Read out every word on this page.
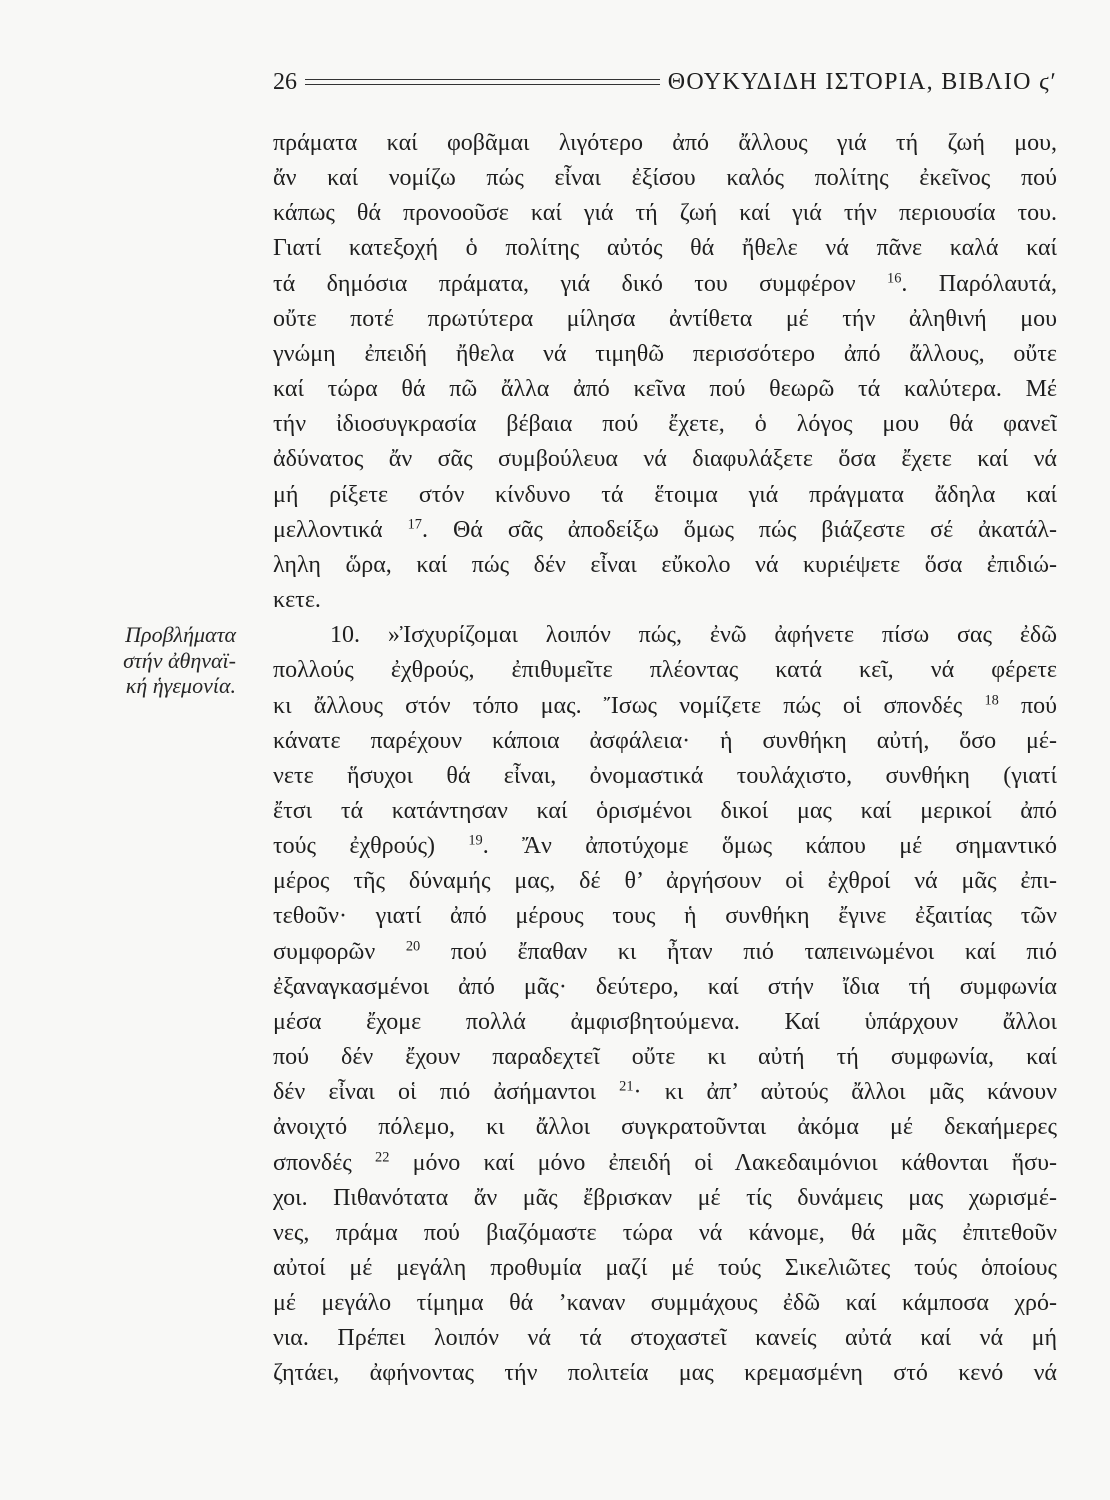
26	ΘΟΥΚΥΔΙΔΗ ΙΣΤΟΡΙΑ, ΒΙΒΛΙΟ ϛʹ
Προβλήματα
στήν ἀθηναϊ-
κή ἡγεμονία.
πράματα καί φοβᾶμαι λιγότερο ἀπό ἄλλους γιά τή ζωή μου,
ἄν καί νομίζω πώς εἶναι ἐξίσου καλός πολίτης ἐκεῖνος πού
κάπως θά προνοοῦσε καί γιά τή ζωή καί γιά τήν περιουσία του.
Γιατί κατεξοχή ὁ πολίτης αὐτός θά ἤθελε νά πᾶνε καλά καί
τά δημόσια πράματα, γιά δικό του συμφέρον $^{16}$. Παρόλαυτά,
οὔτε ποτέ πρωτύτερα μίλησα ἀντίθετα μέ τήν ἀληθινή μου
γνώμη ἐπειδή ἤθελα νά τιμηθῶ περισσότερο ἀπό ἄλλους, οὔτε
καί τώρα θά πῶ ἄλλα ἀπό κεῖνα πού θεωρῶ τά καλύτερα. Μέ
τήν ἰδιοσυγκρασία βέβαια πού ἔχετε, ὁ λόγος μου θά φανεῖ
ἀδύνατος ἄν σᾶς συμβούλευα νά διαφυλάξετε ὅσα ἔχετε καί νά
μή ρίξετε στόν κίνδυνο τά ἕτοιμα γιά πράγματα ἄδηλα καί
μελλοντικά $^{17}$. Θά σᾶς ἀποδείξω ὅμως πώς βιάζεστε σέ ἀκατάλ-
ληλη ὥρα, καί πώς δέν εἶναι εὔκολο νά κυριέψετε ὅσα ἐπιδιώ-
κετε.
10. »Ἰσχυρίζομαι λοιπόν πώς, ἐνῶ ἀφήνετε πίσω σας ἐδῶ
πολλούς ἐχθρούς, ἐπιθυμεῖτε πλέοντας κατά κεῖ, νά φέρετε
κι ἄλλους στόν τόπο μας. Ἴσως νομίζετε πώς οἱ σπονδές $^{18}$ πού
κάνατε παρέχουν κάποια ἀσφάλεια· ἡ συνθήκη αὐτή, ὅσο μέ-
νετε ἥσυχοι θά εἶναι, ὀνομαστικά τουλάχιστο, συνθήκη (γιατί
ἔτσι τά κατάντησαν καί ὁρισμένοι δικοί μας καί μερικοί ἀπό
τούς ἐχθρούς) $^{19}$. Ἄν ἀποτύχομε ὅμως κάπου μέ σημαντικό
μέρος τῆς δύναμής μας, δέ θ’ ἀργήσουν οἱ ἐχθροί νά μᾶς ἐπι-
τεθοῦν· γιατί ἀπό μέρους τους ἡ συνθήκη ἔγινε ἐξαιτίας τῶν
συμφορῶν $^{20}$ πού ἔπαθαν κι ἦταν πιό ταπεινωμένοι καί πιό
ἐξαναγκασμένοι ἀπό μᾶς· δεύτερο, καί στήν ἴδια τή συμφωνία
μέσα ἔχομε πολλά ἀμφισβητούμενα. Καί ὑπάρχουν ἄλλοι
πού δέν ἔχουν παραδεχτεῖ οὔτε κι αὐτή τή συμφωνία, καί
δέν εἶναι οἱ πιό ἀσήμαντοι $^{21}$· κι ἀπ’ αὐτούς ἄλλοι μᾶς κάνουν
ἀνοιχτό πόλεμο, κι ἄλλοι συγκρατοῦνται ἀκόμα μέ δεκαήμερες
σπονδές $^{22}$ μόνο καί μόνο ἐπειδή οἱ Λακεδαιμόνιοι κάθονται ἥσυ-
χοι. Πιθανότατα ἄν μᾶς ἔβρισκαν μέ τίς δυνάμεις μας χωρισμέ-
νες, πράμα πού βιαζόμαστε τώρα νά κάνομε, θά μᾶς ἐπιτεθοῦν
αὐτοί μέ μεγάλη προθυμία μαζί μέ τούς Σικελιῶτες τούς ὁποίους
μέ μεγάλο τίμημα θά ’καναν συμμάχους ἐδῶ καί κάμποσα χρό-
νια. Πρέπει λοιπόν νά τά στοχαστεῖ κανείς αὐτά καί νά μή
ζητάει, ἀφήνοντας τήν πολιτεία μας κρεμασμένη στό κενό νά
